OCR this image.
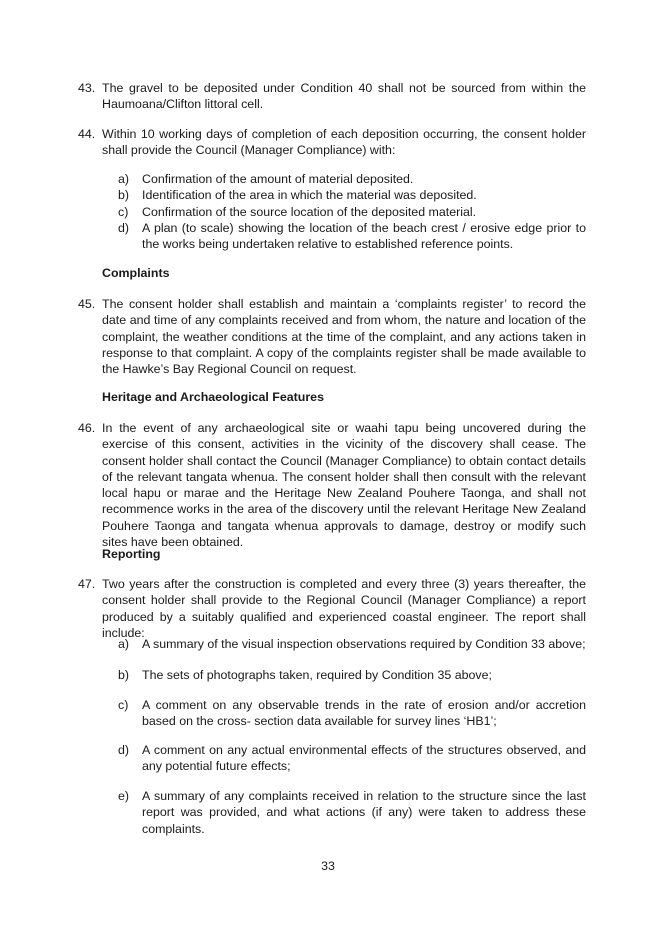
43. The gravel to be deposited under Condition 40 shall not be sourced from within the Haumoana/Clifton littoral cell.
44. Within 10 working days of completion of each deposition occurring, the consent holder shall provide the Council (Manager Compliance) with:
a) Confirmation of the amount of material deposited.
b) Identification of the area in which the material was deposited.
c) Confirmation of the source location of the deposited material.
d) A plan (to scale) showing the location of the beach crest / erosive edge prior to the works being undertaken relative to established reference points.
Complaints
45. The consent holder shall establish and maintain a ‘complaints register’ to record the date and time of any complaints received and from whom, the nature and location of the complaint, the weather conditions at the time of the complaint, and any actions taken in response to that complaint. A copy of the complaints register shall be made available to the Hawke’s Bay Regional Council on request.
Heritage and Archaeological Features
46. In the event of any archaeological site or waahi tapu being uncovered during the exercise of this consent, activities in the vicinity of the discovery shall cease. The consent holder shall contact the Council (Manager Compliance) to obtain contact details of the relevant tangata whenua. The consent holder shall then consult with the relevant local hapu or marae and the Heritage New Zealand Pouhere Taonga, and shall not recommence works in the area of the discovery until the relevant Heritage New Zealand Pouhere Taonga and tangata whenua approvals to damage, destroy or modify such sites have been obtained.
Reporting
47. Two years after the construction is completed and every three (3) years thereafter, the consent holder shall provide to the Regional Council (Manager Compliance) a report produced by a suitably qualified and experienced coastal engineer. The report shall include:
a) A summary of the visual inspection observations required by Condition 33 above;
b) The sets of photographs taken, required by Condition 35 above;
c) A comment on any observable trends in the rate of erosion and/or accretion based on the cross- section data available for survey lines ‘HB1’;
d) A comment on any actual environmental effects of the structures observed, and any potential future effects;
e) A summary of any complaints received in relation to the structure since the last report was provided, and what actions (if any) were taken to address these complaints.
33
